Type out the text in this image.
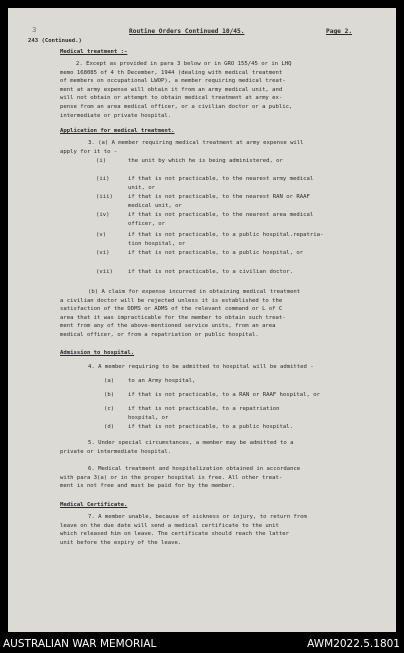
3	Routine Orders Continued 10/45.	Page 2.
243 (Continued.)
Medical treatment :-
2. Except as provided in para 3 below or in GRO 155/45 or in LHQ
memo 168085 of 4 th December, 1944 (dealing with medical treatment
of members on occupational LWOP), a member requiring medical treat-
ment at army expense will obtain it from an army medical unit, and
will not obtain or attempt to obtain medical treatment at army ex-
pense from an area medical officer, or a civilian doctor or a public,
intermediate or private hospital.
Application for medical treatment.
3. (a) A member requiring medical treatment at army expense will
apply for it to -
(i)	the unit by which he is being administered, or
(ii)	if that is not practicable, to the nearest army medical
unit, or
(iii)	if that is not practicable, to the nearest RAN or RAAF
medical unit, or
(iv)	if that is not practicable, to the nearest area medical
officer, or
(v)	if that is not practicable, to a public hospital.repatria-
tion hospital, or
(vi)	if that is not practicable, to a public hospital, or
(vii)	if that is not practicable, to a civilian doctor.
(b) A claim for expense incurred in obtaining medical treatment
a civilian doctor will be rejected unless it is established to the
satisfaction of the DDMS or ADMS of the relevant command or L of C
area that it was impracticable for the member to obtain such treat-
ment from any of the above-mentioned service units, from an area
medical officer, or from a repatriation or public hospital.
Admission to hospital.
4. A member requiring to be admitted to hospital will be admitted -
(a) to an Army hospital,
(b) if that is not practicable, to a RAN or RAAF hospital, or
(c) if that is not practicable, to a repatriation
hospital, or
(d) if that is not practicable, to a public hospital.
5. Under special circumstances, a member may be admitted to a
private or intermediate hospital.
6. Medical treatment and hospitalization obtained in accordance
with para 3(a) or in the proper hospital is free. All other treat-
ment is not free and must be paid for by the member.
Medical Certificate.
7. A member unable, because of sickness or injury, to return from
leave on the due date will send a medical certificate to the unit
which released him on leave. The certificate should reach the latter
unit before the expiry of the leave.
AUSTRALIAN WAR MEMORIAL	AWM2022.5.1801
